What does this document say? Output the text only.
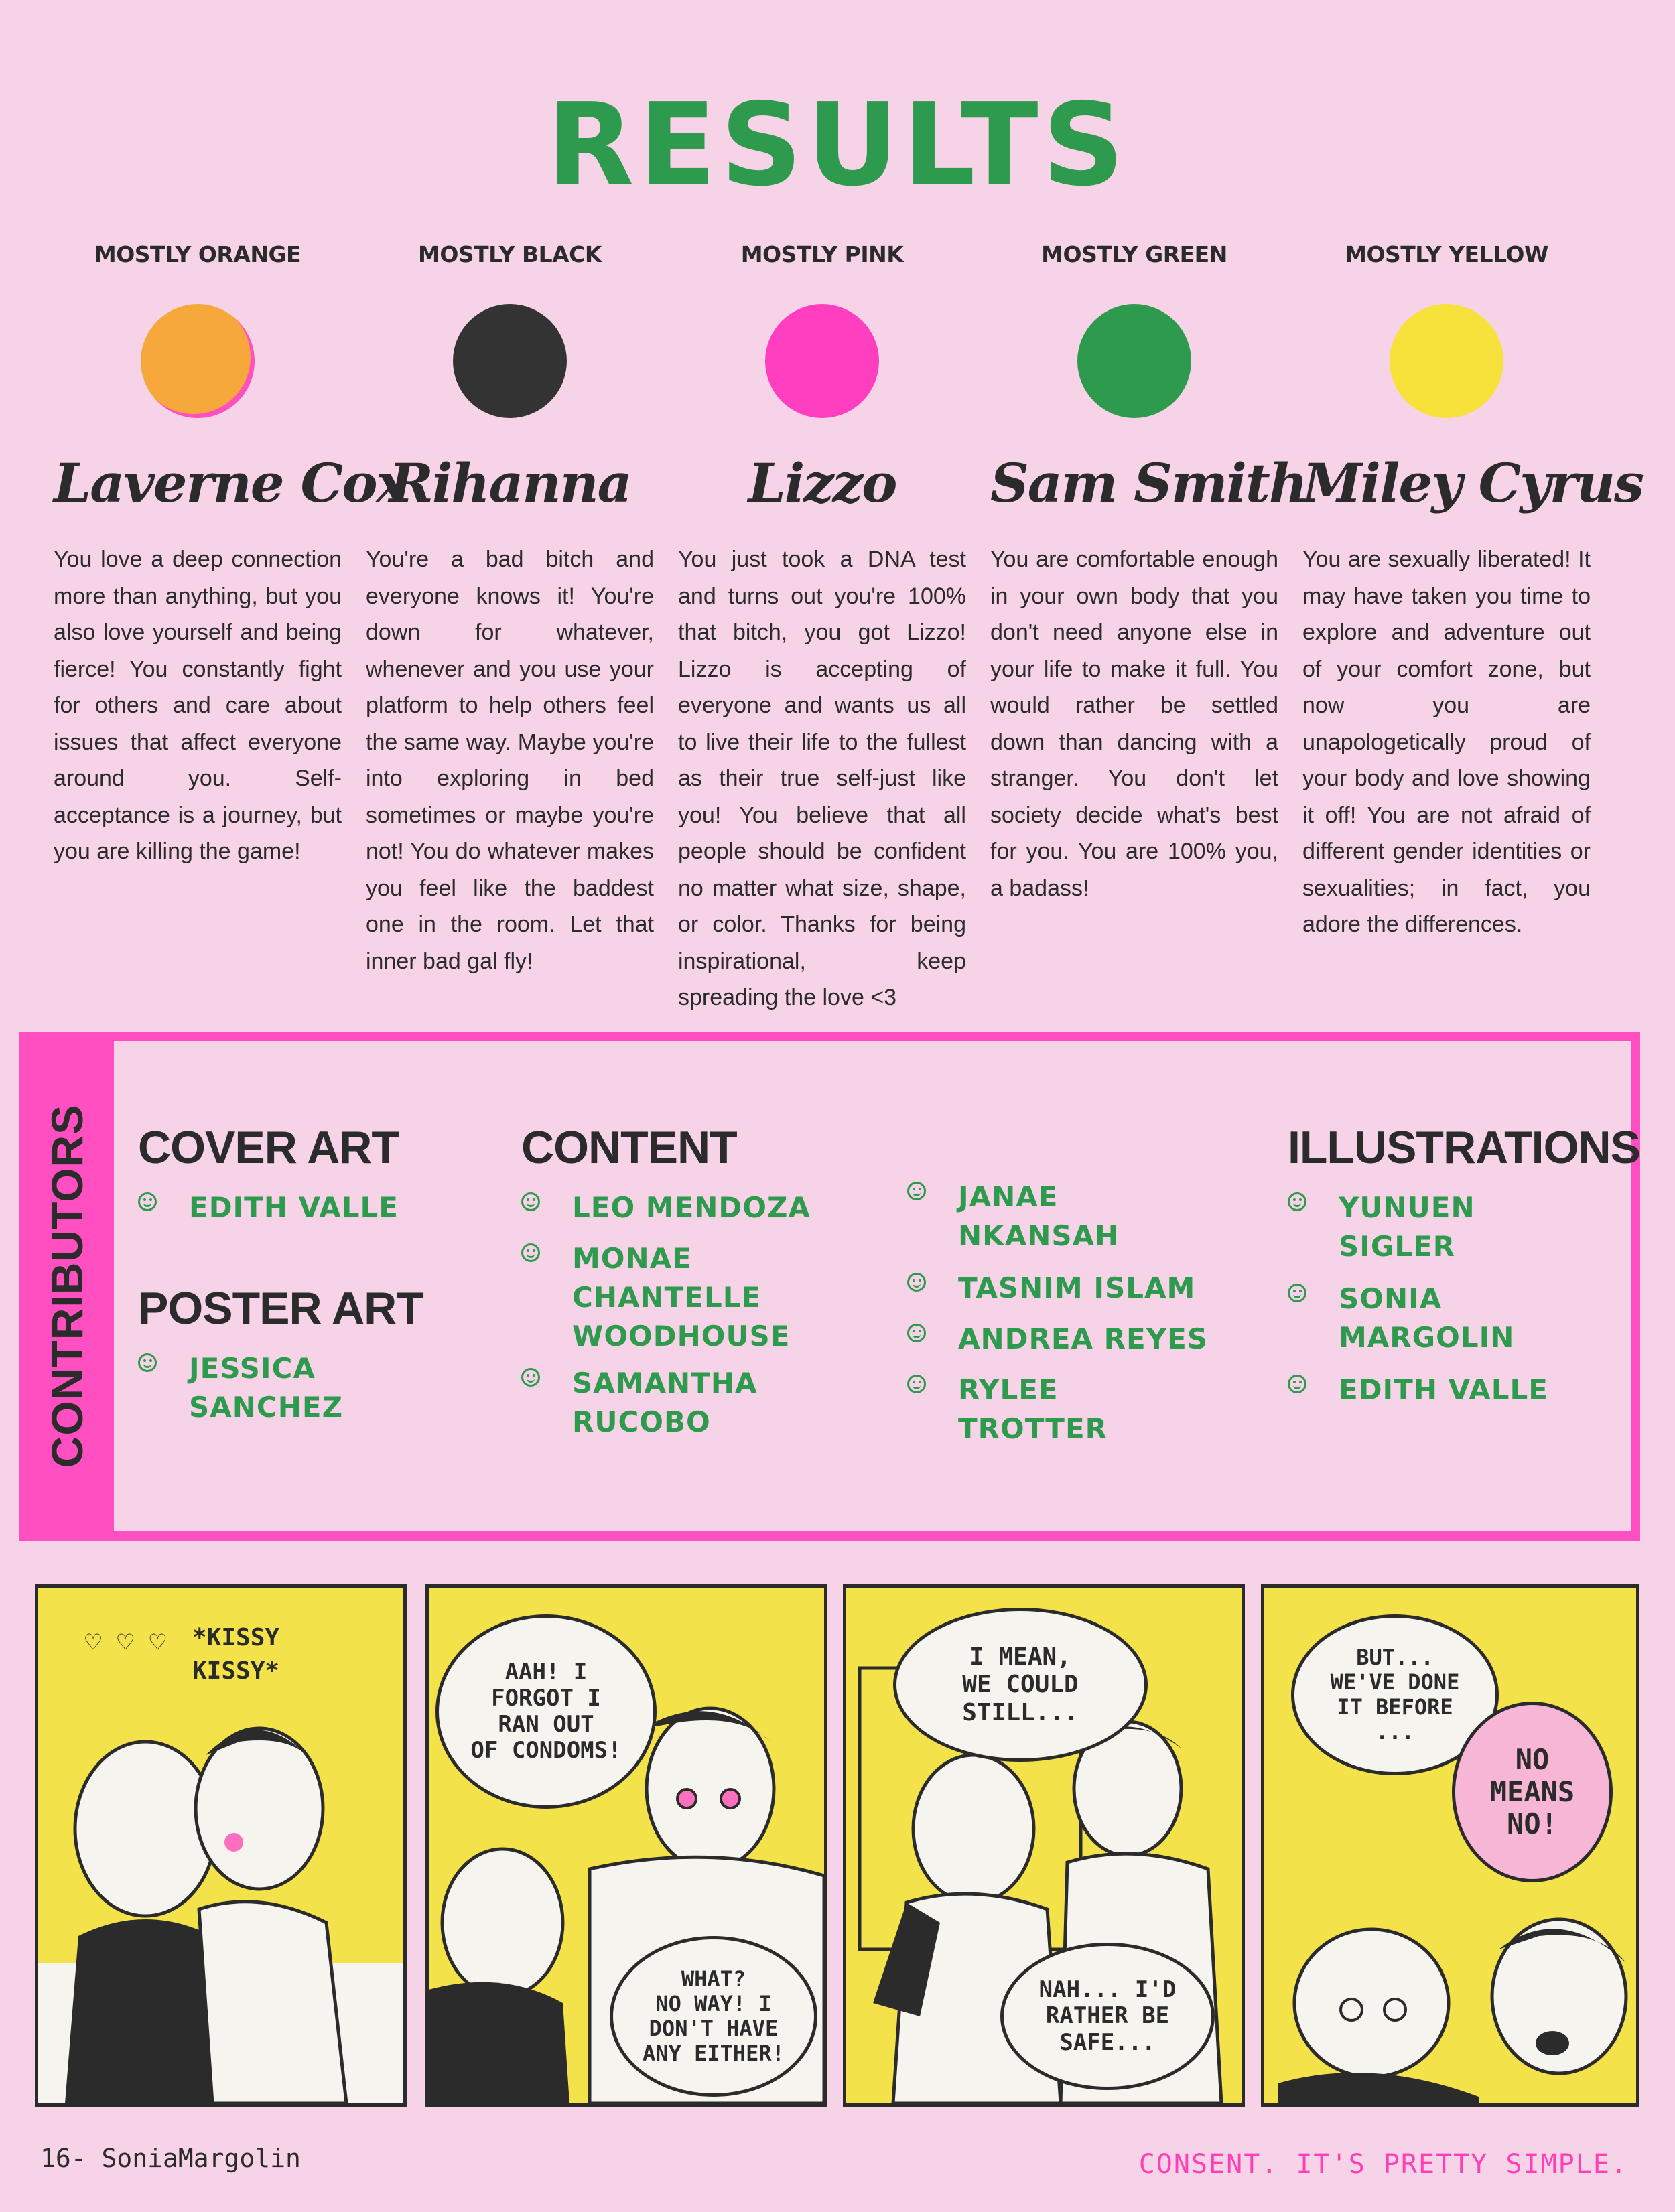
RESULTS
MOSTLY ORANGE
Laverne Cox
You love a deep connection more than anything, but you also love yourself and being fierce! You constantly fight for others and care about issues that affect everyone around you. Self-acceptance is a journey, but you are killing the game!
MOSTLY BLACK
Rihanna
You're a bad bitch and everyone knows it! You're down for whatever, whenever and you use your platform to help others feel the same way. Maybe you're into exploring in bed sometimes or maybe you're not! You do whatever makes you feel like the baddest one in the room. Let that inner bad gal fly!
MOSTLY PINK
Lizzo
You just took a DNA test and turns out you're 100% that bitch, you got Lizzo! Lizzo is accepting of everyone and wants us all to live their life to the fullest as their true self-just like you! You believe that all people should be confident no matter what size, shape, or color. Thanks for being inspirational, keep spreading the love <3
MOSTLY GREEN
Sam Smith
You are comfortable enough in your own body that you don't need anyone else in your life to make it full. You would rather be settled down than dancing with a stranger. You don't let society decide what's best for you. You are 100% you, a badass!
MOSTLY YELLOW
Miley Cyrus
You are sexually liberated! It may have taken you time to explore and adventure out of your comfort zone, but now you are unapologetically proud of your body and love showing it off! You are not afraid of different gender identities or sexualities; in fact, you adore the differences.
CONTRIBUTORS COVER ART
EDITH VALLE
POSTER ART
JESSICA
SANCHEZ
CONTENT
LEO MENDOZA
MONAE
CHANTELLE
WOODHOUSE
SAMANTHA
RUCOBO
JANAE
NKANSAH
TASNIM ISLAM
ANDREA REYES
RYLEE
TROTTER
ILLUSTRATIONS
YUNUEN
SIGLER
SONIA
MARGOLIN
EDITH VALLE
♡ ♡ ♡ *KISSY
KISSY*	AAH! I
FORGOT I
RAN OUT
OF CONDOMS!
WHAT?
NO WAY! I
DON'T HAVE
ANY EITHER!
I MEAN,
WE COULD
STILL...
NAH... I'D
RATHER BE
SAFE...
BUT...
WE'VE DONE
IT BEFORE
...
NO
MEANS
NO!
16- SoniaMargolin	CONSENT. IT'S PRETTY SIMPLE.
